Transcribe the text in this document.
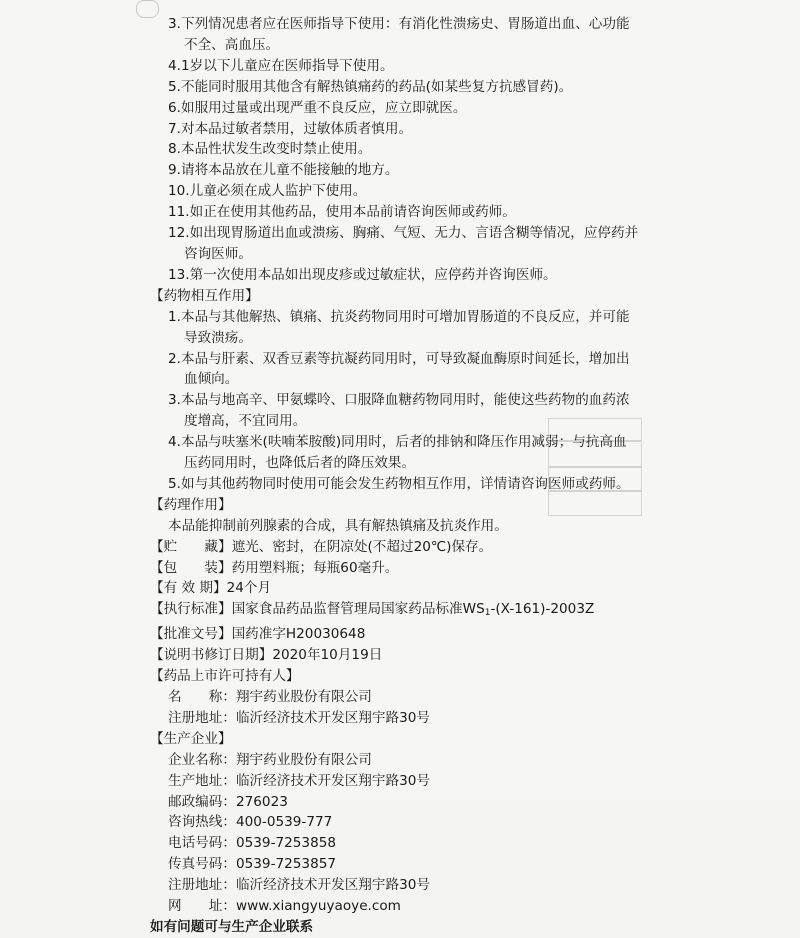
3.下列情况患者应在医师指导下使用：有消化性溃疡史、胃肠道出血、心功能
不全、高血压。
4.1岁以下儿童应在医师指导下使用。
5.不能同时服用其他含有解热镇痛药的药品(如某些复方抗感冒药)。
6.如服用过量或出现严重不良反应，应立即就医。
7.对本品过敏者禁用，过敏体质者慎用。
8.本品性状发生改变时禁止使用。
9.请将本品放在儿童不能接触的地方。
10.儿童必须在成人监护下使用。
11.如正在使用其他药品，使用本品前请咨询医师或药师。
12.如出现胃肠道出血或溃疡、胸痛、气短、无力、言语含糊等情况，应停药并
咨询医师。
13.第一次使用本品如出现皮疹或过敏症状，应停药并咨询医师。
【药物相互作用】
1.本品与其他解热、镇痛、抗炎药物同用时可增加胃肠道的不良反应，并可能
导致溃疡。
2.本品与肝素、双香豆素等抗凝药同用时，可导致凝血酶原时间延长，增加出
血倾向。
3.本品与地高辛、甲氨蝶呤、口服降血糖药物同用时，能使这些药物的血药浓
度增高，不宜同用。
4.本品与呋塞米(呋喃苯胺酸)同用时，后者的排钠和降压作用减弱；与抗高血
压药同用时，也降低后者的降压效果。
5.如与其他药物同时使用可能会发生药物相互作用，详情请咨询医师或药师。
【药理作用】
本品能抑制前列腺素的合成，具有解热镇痛及抗炎作用。
【贮　　藏】遮光、密封，在阴凉处(不超过20℃)保存。
【包　　装】药用塑料瓶；每瓶60毫升。
【有 效 期】24个月
【执行标准】国家食品药品监督管理局国家药品标准$WS_1-(X-161)-2003Z$
【批准文号】国药准字H20030648
【说明书修订日期】2020年10月19日
【药品上市许可持有人】
名　　称：翔宇药业股份有限公司
注册地址：临沂经济技术开发区翔宇路30号
【生产企业】
企业名称：翔宇药业股份有限公司
生产地址：临沂经济技术开发区翔宇路30号
邮政编码：276023
咨询热线：400-0539-777
电话号码：0539-7253858
传真号码：0539-7253857
注册地址：临沂经济技术开发区翔宇路30号
网　　址：www.xiangyuyaoye.com
如有问题可与生产企业联系
